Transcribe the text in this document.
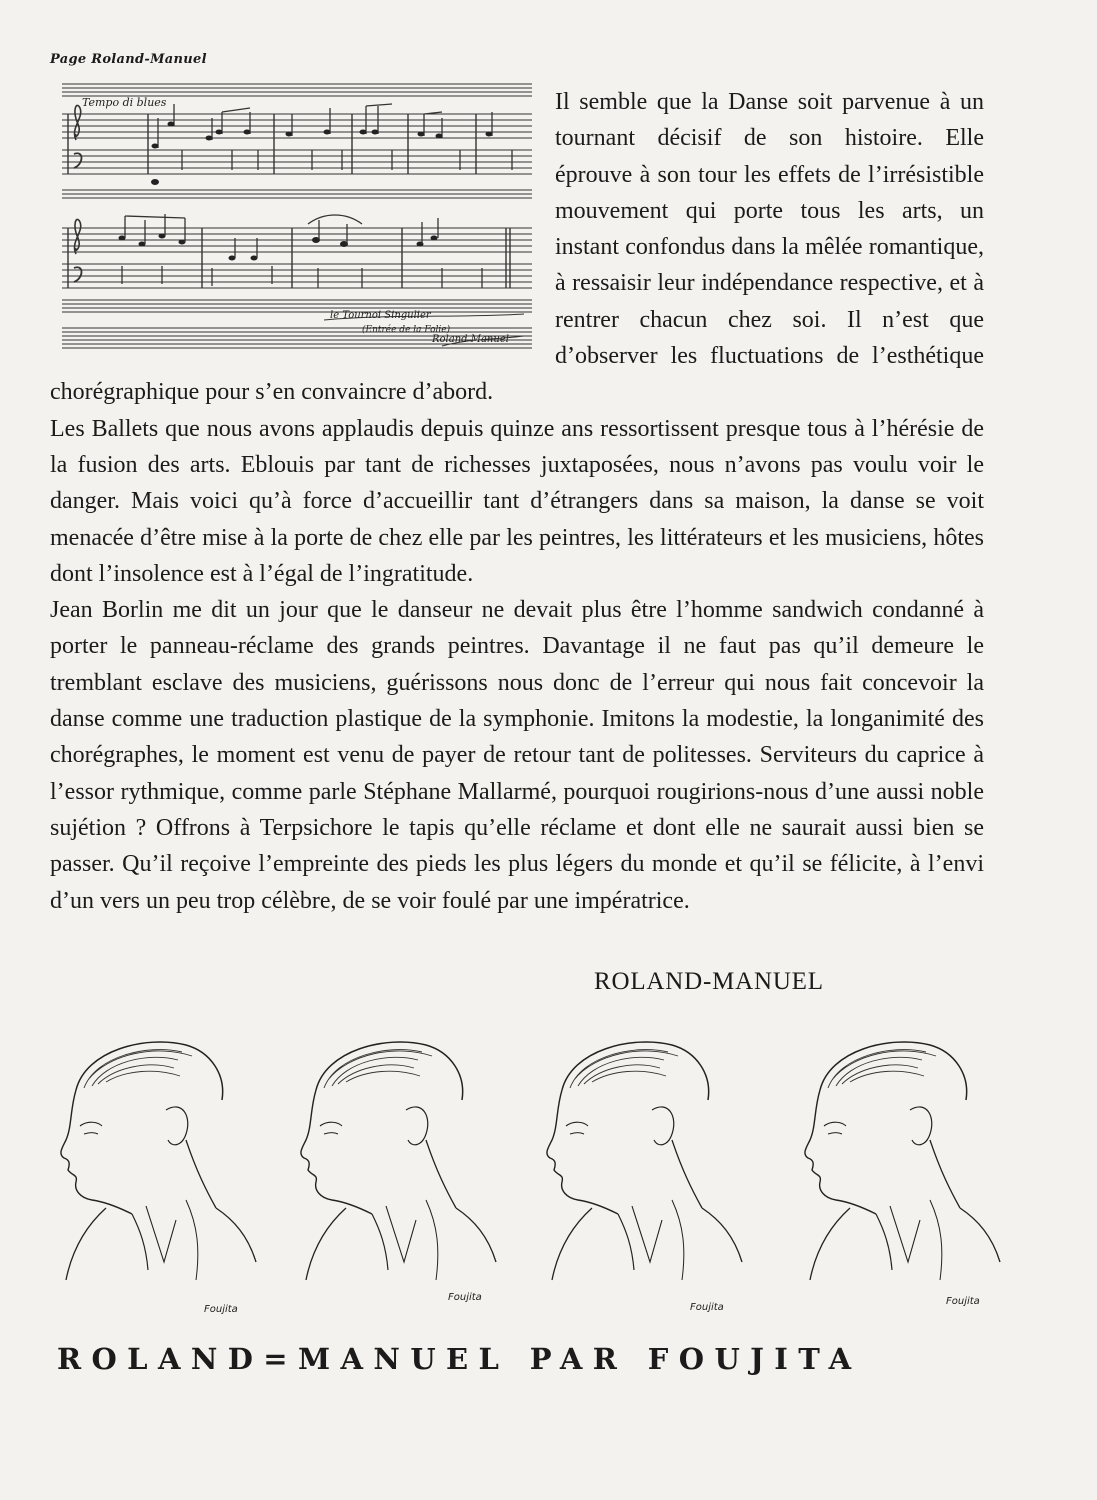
Page Roland-Manuel
Tempo di blues
le Tournoi Singulier
(Entrée de la Folie)
Roland Manuel

Il semble que la Danse soit parvenue à un tournant décisif de son histoire. Elle éprouve à son tour les effets de l’irrésistible mouvement qui porte tous les arts, un instant confondus dans la mêlée romantique, à ressaisir leur indépendance respective, et à rentrer chacun chez soi. Il n’est que d’observer les fluctuations de l’esthétique chorégraphique pour s’en convaincre d’abord.

Les Ballets que nous avons applaudis depuis quinze ans ressortissent presque tous à l’hérésie de la fusion des arts. Eblouis par tant de richesses juxtaposées, nous n’avons pas voulu voir le danger. Mais voici qu’à force d’accueillir tant d’étrangers dans sa maison, la danse se voit menacée d’être mise à la porte de chez elle par les peintres, les littérateurs et les musiciens, hôtes dont l’insolence est à l’égal de l’ingratitude.

Jean Borlin me dit un jour que le danseur ne devait plus être l’homme sandwich condanné à porter le panneau-réclame des grands peintres. Davantage il ne faut pas qu’il demeure le tremblant esclave des musiciens, guérissons nous donc de l’erreur qui nous fait concevoir la danse comme une traduction plastique de la symphonie. Imitons la modestie, la longanimité des chorégraphes, le moment est venu de payer de retour tant de politesses. Serviteurs du caprice à l’essor rythmique, comme parle Stéphane Mallarmé, pourquoi rougirions-nous d’une aussi noble sujétion ? Offrons à Terpsichore le tapis qu’elle réclame et dont elle ne saurait aussi bien se passer. Qu’il reçoive l’empreinte des pieds les plus légers du monde et qu’il se félicite, à l’envi d’un vers un peu trop célèbre, de se voir foulé par une impératrice.

ROLAND-MANUEL
Foujita
Foujita
Foujita
Foujita
ROLAND=MANUEL PAR FOUJITA
